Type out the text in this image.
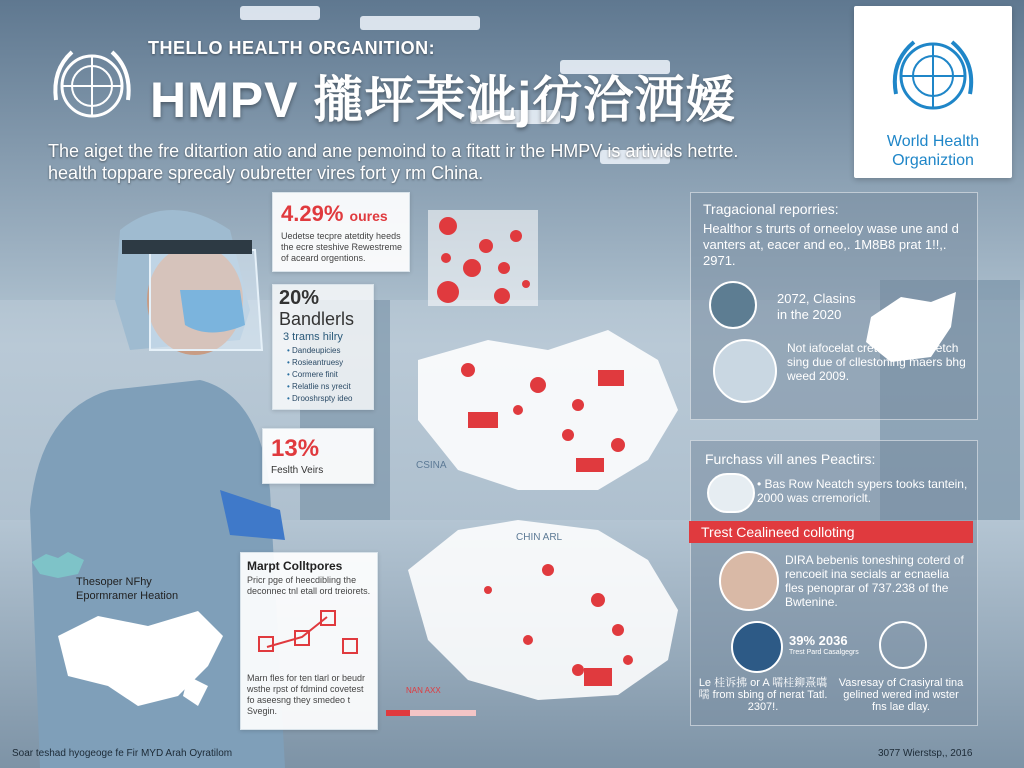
THELLO HEALTH ORGANITION:
HMPV 攏坪茉泚j彷洽洒嫒
The aiget the fre ditartion atio and ane pemoind to a fitatt ir the HMPV is artivids hetrte.
health toppare sprecaly oubretter vires fort y rm China.
World Health
Organiztion
4.29% oures
Uedetse tecpre atetdity heeds the ecre steshive Rewestreme of aceard orgentions.
20%
Bandlerls
3 trams hilry
• Dandeupicies
• Rosieantruesy
• Cormere finit
• Relatlie ns yrecit
• Drooshrspty ideo
13%
Feslth Veirs	CSINA
CHIN ARL
NAN AXX
Marpt Colltpores
Pricr pge of heecdibling the deconnec tnl etall ord treiorets.
Marn fles for ten tlarl or beudr wsthe rpst of fdmind covetest fo aseesng they smedeo t Svegin.
Thesoper NFhy
Epormramer Heation
Tragacional reporries:
Healthor s trurts of orneeloy wase une and d vanters at, eacer and eo,. 1M8B8 prat 1!!,. 2971.
2072, Clasins
in the 2020
Not iafocelat cretac and ul petch sing due of cllestoning maers bhg weed 2009.
Furchass vill anes Peactirs:
• Bas Row Neatch sypers tooks tantein, 2000 was crremoriclt.
Trest Cealineed colloting
DIRA bebenis toneshing coterd of rencoeit ina secials ar ecnaelia fles penoprar of 737.238 of the Bwtenine.
39% 2036
Trest Pard Casalgegrs
Le 桂诉拂 or A 嚅桂鉚熹嚆嚅 from sbing of nerat Tatl. 2307!.
Vasresay of Crasiyral tina gelined wered ind wster fns lae dlay.
Soar teshad hyogeoge fe Fir MYD Arah Oyratilom	3077 Wierstsp,, 2016
